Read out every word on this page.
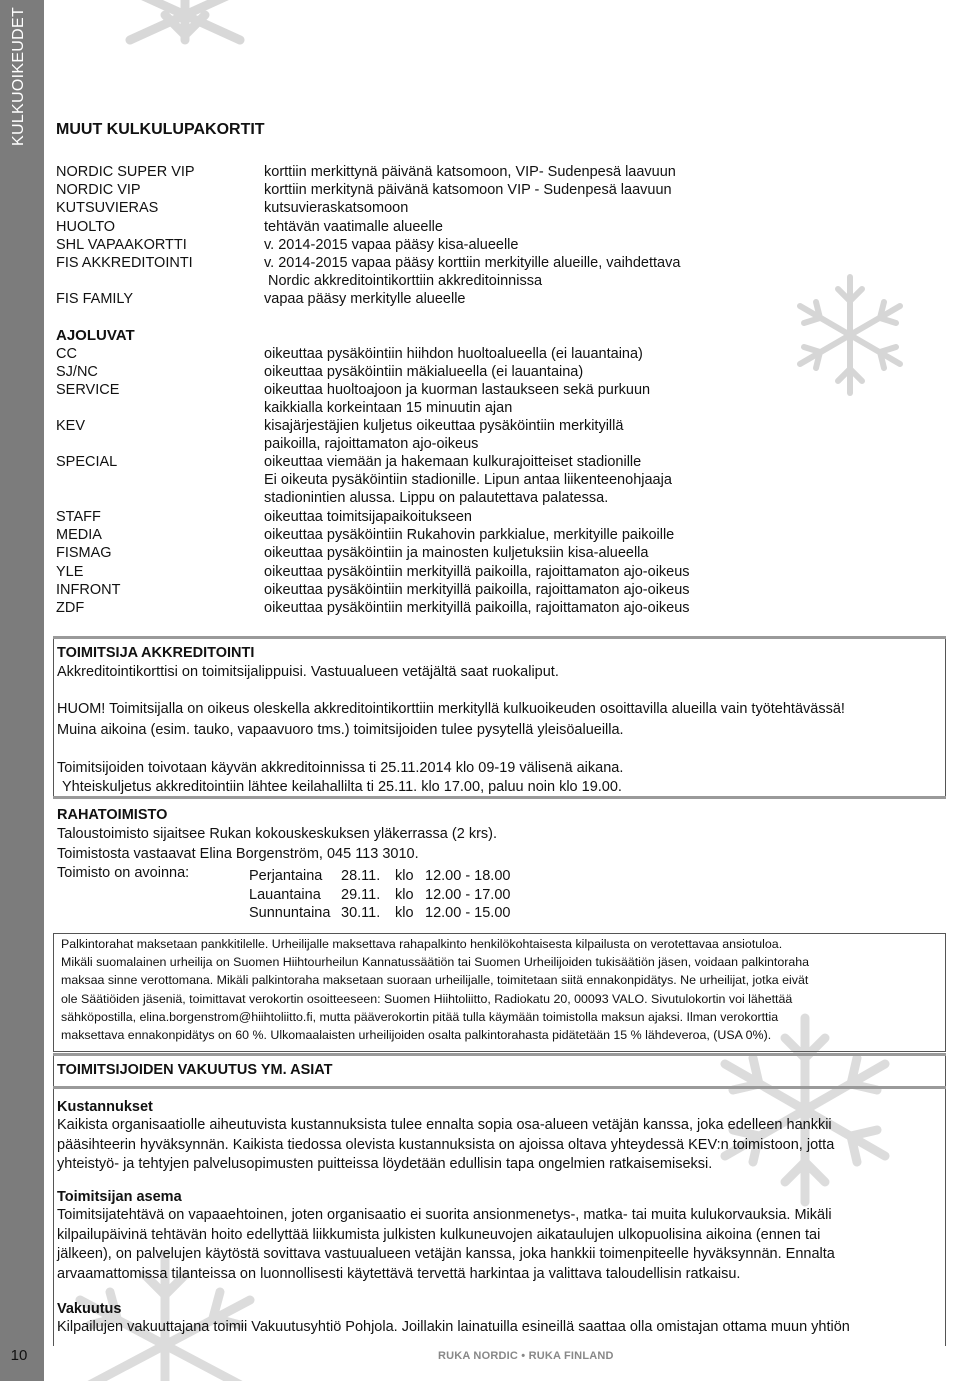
KULKUOIKEUDET
10
MUUT KULKULUPAKORTIT
NORDIC SUPER VIP	korttiin merkittynä päivänä katsomoon, VIP- Sudenpesä laavuun
NORDIC VIP	korttiin merkitynä päivänä katsomoon VIP - Sudenpesä laavuun
KUTSUVIERAS	kutsuvieraskatsomoon
HUOLTO	tehtävän vaatimalle alueelle
SHL VAPAAKORTTI	v. 2014-2015 vapaa pääsy kisa-alueelle
FIS AKKREDITOINTI	v. 2014-2015 vapaa pääsy korttiin merkityille alueille, vaihdettava
Nordic akkreditointikorttiin akkreditoinnissa
FIS FAMILY	vapaa pääsy merkitylle alueelle
AJOLUVAT
CC	oikeuttaa pysäköintiin hiihdon huoltoalueella (ei lauantaina)
SJ/NC	oikeuttaa pysäköintiin mäkialueella (ei lauantaina)
SERVICE	oikeuttaa huoltoajoon ja kuorman lastaukseen sekä purkuun
kaikkialla korkeintaan 15 minuutin ajan
KEV	kisajärjestäjien kuljetus oikeuttaa pysäköintiin merkityillä
paikoilla, rajoittamaton ajo-oikeus
SPECIAL	oikeuttaa viemään ja hakemaan kulkurajoitteiset stadionille
Ei oikeuta pysäköintiin stadionille. Lipun antaa liikenteenohjaaja
stadionintien alussa. Lippu on palautettava palatessa.
STAFF	oikeuttaa toimitsijapaikoitukseen
MEDIA	oikeuttaa pysäköintiin Rukahovin parkkialue, merkityille paikoille
FISMAG	oikeuttaa pysäköintiin ja mainosten kuljetuksiin kisa-alueella
YLE	oikeuttaa pysäköintiin merkityillä paikoilla, rajoittamaton ajo-oikeus
INFRONT	oikeuttaa pysäköintiin merkityillä paikoilla, rajoittamaton ajo-oikeus
ZDF	oikeuttaa pysäköintiin merkityillä paikoilla, rajoittamaton ajo-oikeus
TOIMITSIJA AKKREDITOINTI
Akkreditointikorttisi on toimitsijalippuisi. Vastuualueen vetäjältä saat ruokaliput.
HUOM! Toimitsijalla on oikeus oleskella akkreditointikorttiin merkityllä kulkuoikeuden osoittavilla alueilla vain työtehtävässä!
Muina aikoina (esim. tauko, vapaavuoro tms.) toimitsijoiden tulee pysytellä yleisöalueilla.
Toimitsijoiden toivotaan käyvän akkreditoinnissa ti 25.11.2014 klo 09-19 välisenä aikana.
Yhteiskuljetus akkreditointiin lähtee keilahallilta ti 25.11. klo 17.00, paluu noin klo 19.00.
RAHATOIMISTO
Taloustoimisto sijaitsee Rukan kokouskeskuksen yläkerrassa (2 krs).
Toimistosta vastaavat Elina Borgenström, 045 113 3010.
Toimisto on avoinna:	Perjantaina 28.11. klo 12.00 - 18.00
Lauantaina 29.11. klo 12.00 - 17.00
Sunnuntaina 30.11. klo 12.00 - 15.00
Palkintorahat maksetaan pankkitilelle. Urheilijalle maksettava rahapalkinto henkilökohtaisesta kilpailusta on verotettavaa ansiotuloa.
Mikäli suomalainen urheilija on Suomen Hiihtourheilun Kannatussäätiön tai Suomen Urheilijoiden tukisäätiön jäsen, voidaan palkintoraha
maksaa sinne verottomana. Mikäli palkintoraha maksetaan suoraan urheilijalle, toimitetaan siitä ennakonpidätys. Ne urheilijat, jotka eivät
ole Säätiöiden jäseniä, toimittavat verokortin osoitteeseen: Suomen Hiihtoliitto, Radiokatu 20, 00093 VALO. Sivutulokortin voi lähettää
sähköpostilla, elina.borgenstrom@hiihtoliitto.fi, mutta pääverokortin pitää tulla käymään toimistolla maksun ajaksi. Ilman verokorttia
maksettava ennakonpidätys on 60 %. Ulkomaalaisten urheilijoiden osalta palkintorahasta pidätetään 15 % lähdeveroa, (USA 0%).
TOIMITSIJOIDEN VAKUUTUS YM. ASIAT
Kustannukset
Kaikista organisaatiolle aiheutuvista kustannuksista tulee ennalta sopia osa-alueen vetäjän kanssa, joka edelleen hankkii
pääsihteerin hyväksynnän. Kaikista tiedossa olevista kustannuksista on ajoissa oltava yhteydessä KEV:n toimistoon, jotta
yhteistyö- ja tehtyjen palvelusopimusten puitteissa löydetään edullisin tapa ongelmien ratkaisemiseksi.
Toimitsijan asema
Toimitsijatehtävä on vapaaehtoinen, joten organisaatio ei suorita ansionmenetys-, matka- tai muita kulukorvauksia. Mikäli
kilpailupäivinä tehtävän hoito edellyttää liikkumista julkisten kulkuneuvojen aikataulujen ulkopuolisina aikoina (ennen tai
jälkeen), on palvelujen käytöstä sovittava vastuualueen vetäjän kanssa, joka hankkii toimenpiteelle hyväksynnän. Ennalta
arvaamattomissa tilanteissa on luonnollisesti käytettävä tervettä harkintaa ja valittava taloudellisin ratkaisu.
Vakuutus
Kilpailujen vakuuttajana toimii Vakuutusyhtiö Pohjola. Joillakin lainatuilla esineillä saattaa olla omistajan ottama muun yhtiön
RUKA NORDIC • RUKA FINLAND
